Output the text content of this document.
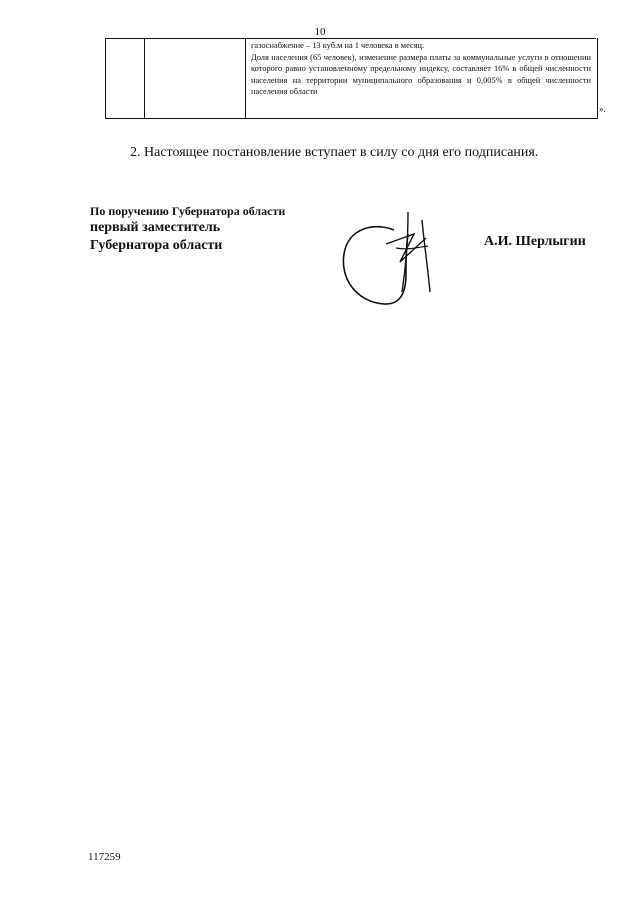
10

газоснабжение – 13 куб.м на 1 человека в месяц.

Доля населения (65 человек), изменение размера платы за коммунальные услуги в отношении которого равно установленному предельному индексу, составляет 16% в общей численности населения на территории муниципального образования и 0,005% в общей численности населения области

».
2. Настоящее постановление вступает в силу со дня его подписания.
По поручению Губернатора области
первый заместитель
Губернатора области	А.И. Шерлыгин
117259
